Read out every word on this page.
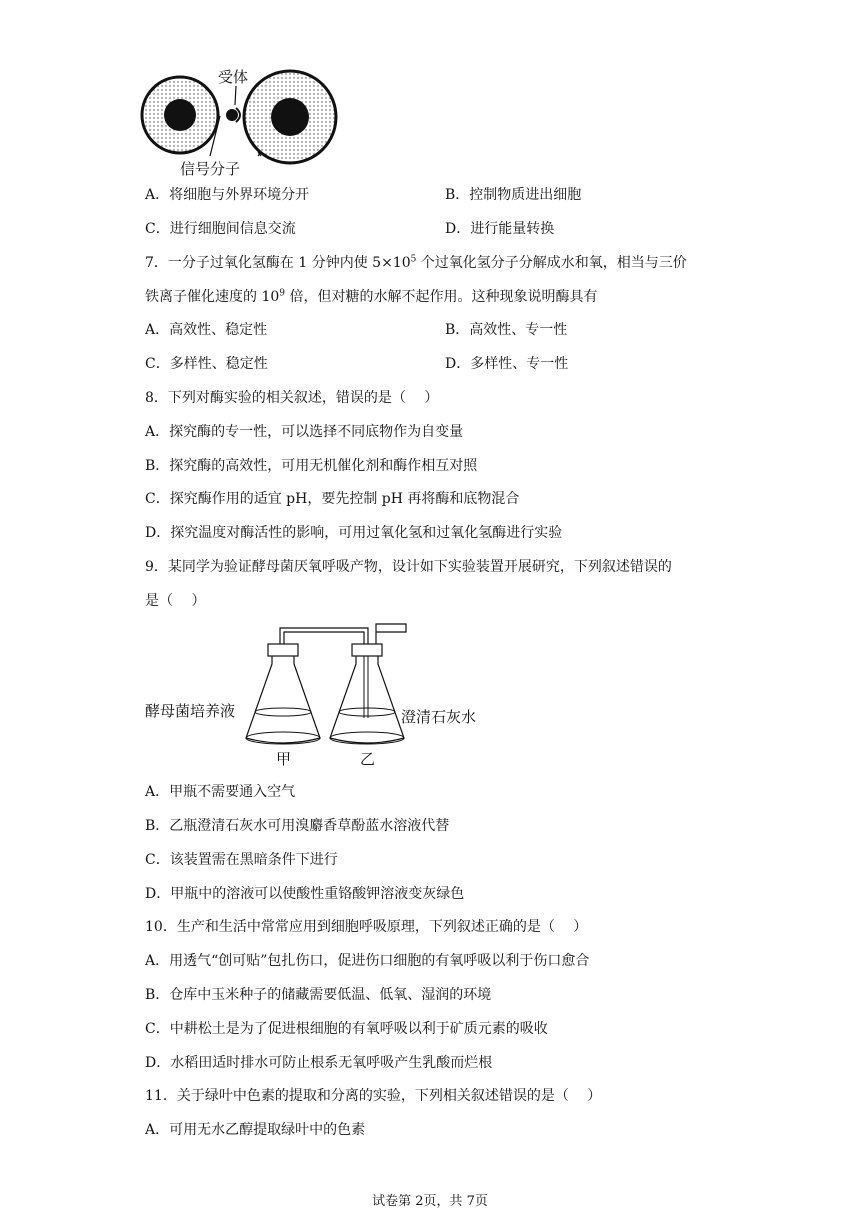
受体
信号分子
A．将细胞与外界环境分开	B．控制物质进出细胞
C．进行细胞间信息交流	D．进行能量转换
7．一分子过氧化氢酶在 1 分钟内使 $5\times 10^5$ 个过氧化氢分子分解成水和氧，相当与三价
铁离子催化速度的 $10^9$ 倍，但对糖的水解不起作用。这种现象说明酶具有
A．高效性、稳定性	B．高效性、专一性
C．多样性、稳定性	D．多样性、专一性
8．下列对酶实验的相关叙述，错误的是（　 ）
A．探究酶的专一性，可以选择不同底物作为自变量
B．探究酶的高效性，可用无机催化剂和酶作相互对照
C．探究酶作用的适宜 pH，要先控制 pH 再将酶和底物混合
D．探究温度对酶活性的影响，可用过氧化氢和过氧化氢酶进行实验
9．某同学为验证酵母菌厌氧呼吸产物，设计如下实验装置开展研究，下列叙述错误的
是（　 ）
酵母菌培养液	澄清石灰水
甲	乙
A．甲瓶不需要通入空气
B．乙瓶澄清石灰水可用溴麝香草酚蓝水溶液代替
C．该装置需在黑暗条件下进行
D．甲瓶中的溶液可以使酸性重铬酸钾溶液变灰绿色
10．生产和生活中常常应用到细胞呼吸原理，下列叙述正确的是（　 ）
A．用透气“创可贴”包扎伤口，促进伤口细胞的有氧呼吸以利于伤口愈合
B．仓库中玉米种子的储藏需要低温、低氧、湿润的环境
C．中耕松土是为了促进根细胞的有氧呼吸以利于矿质元素的吸收
D．水稻田适时排水可防止根系无氧呼吸产生乳酸而烂根
11．关于绿叶中色素的提取和分离的实验，下列相关叙述错误的是（　 ）
A．可用无水乙醇提取绿叶中的色素
试卷第 2页，共 7页
